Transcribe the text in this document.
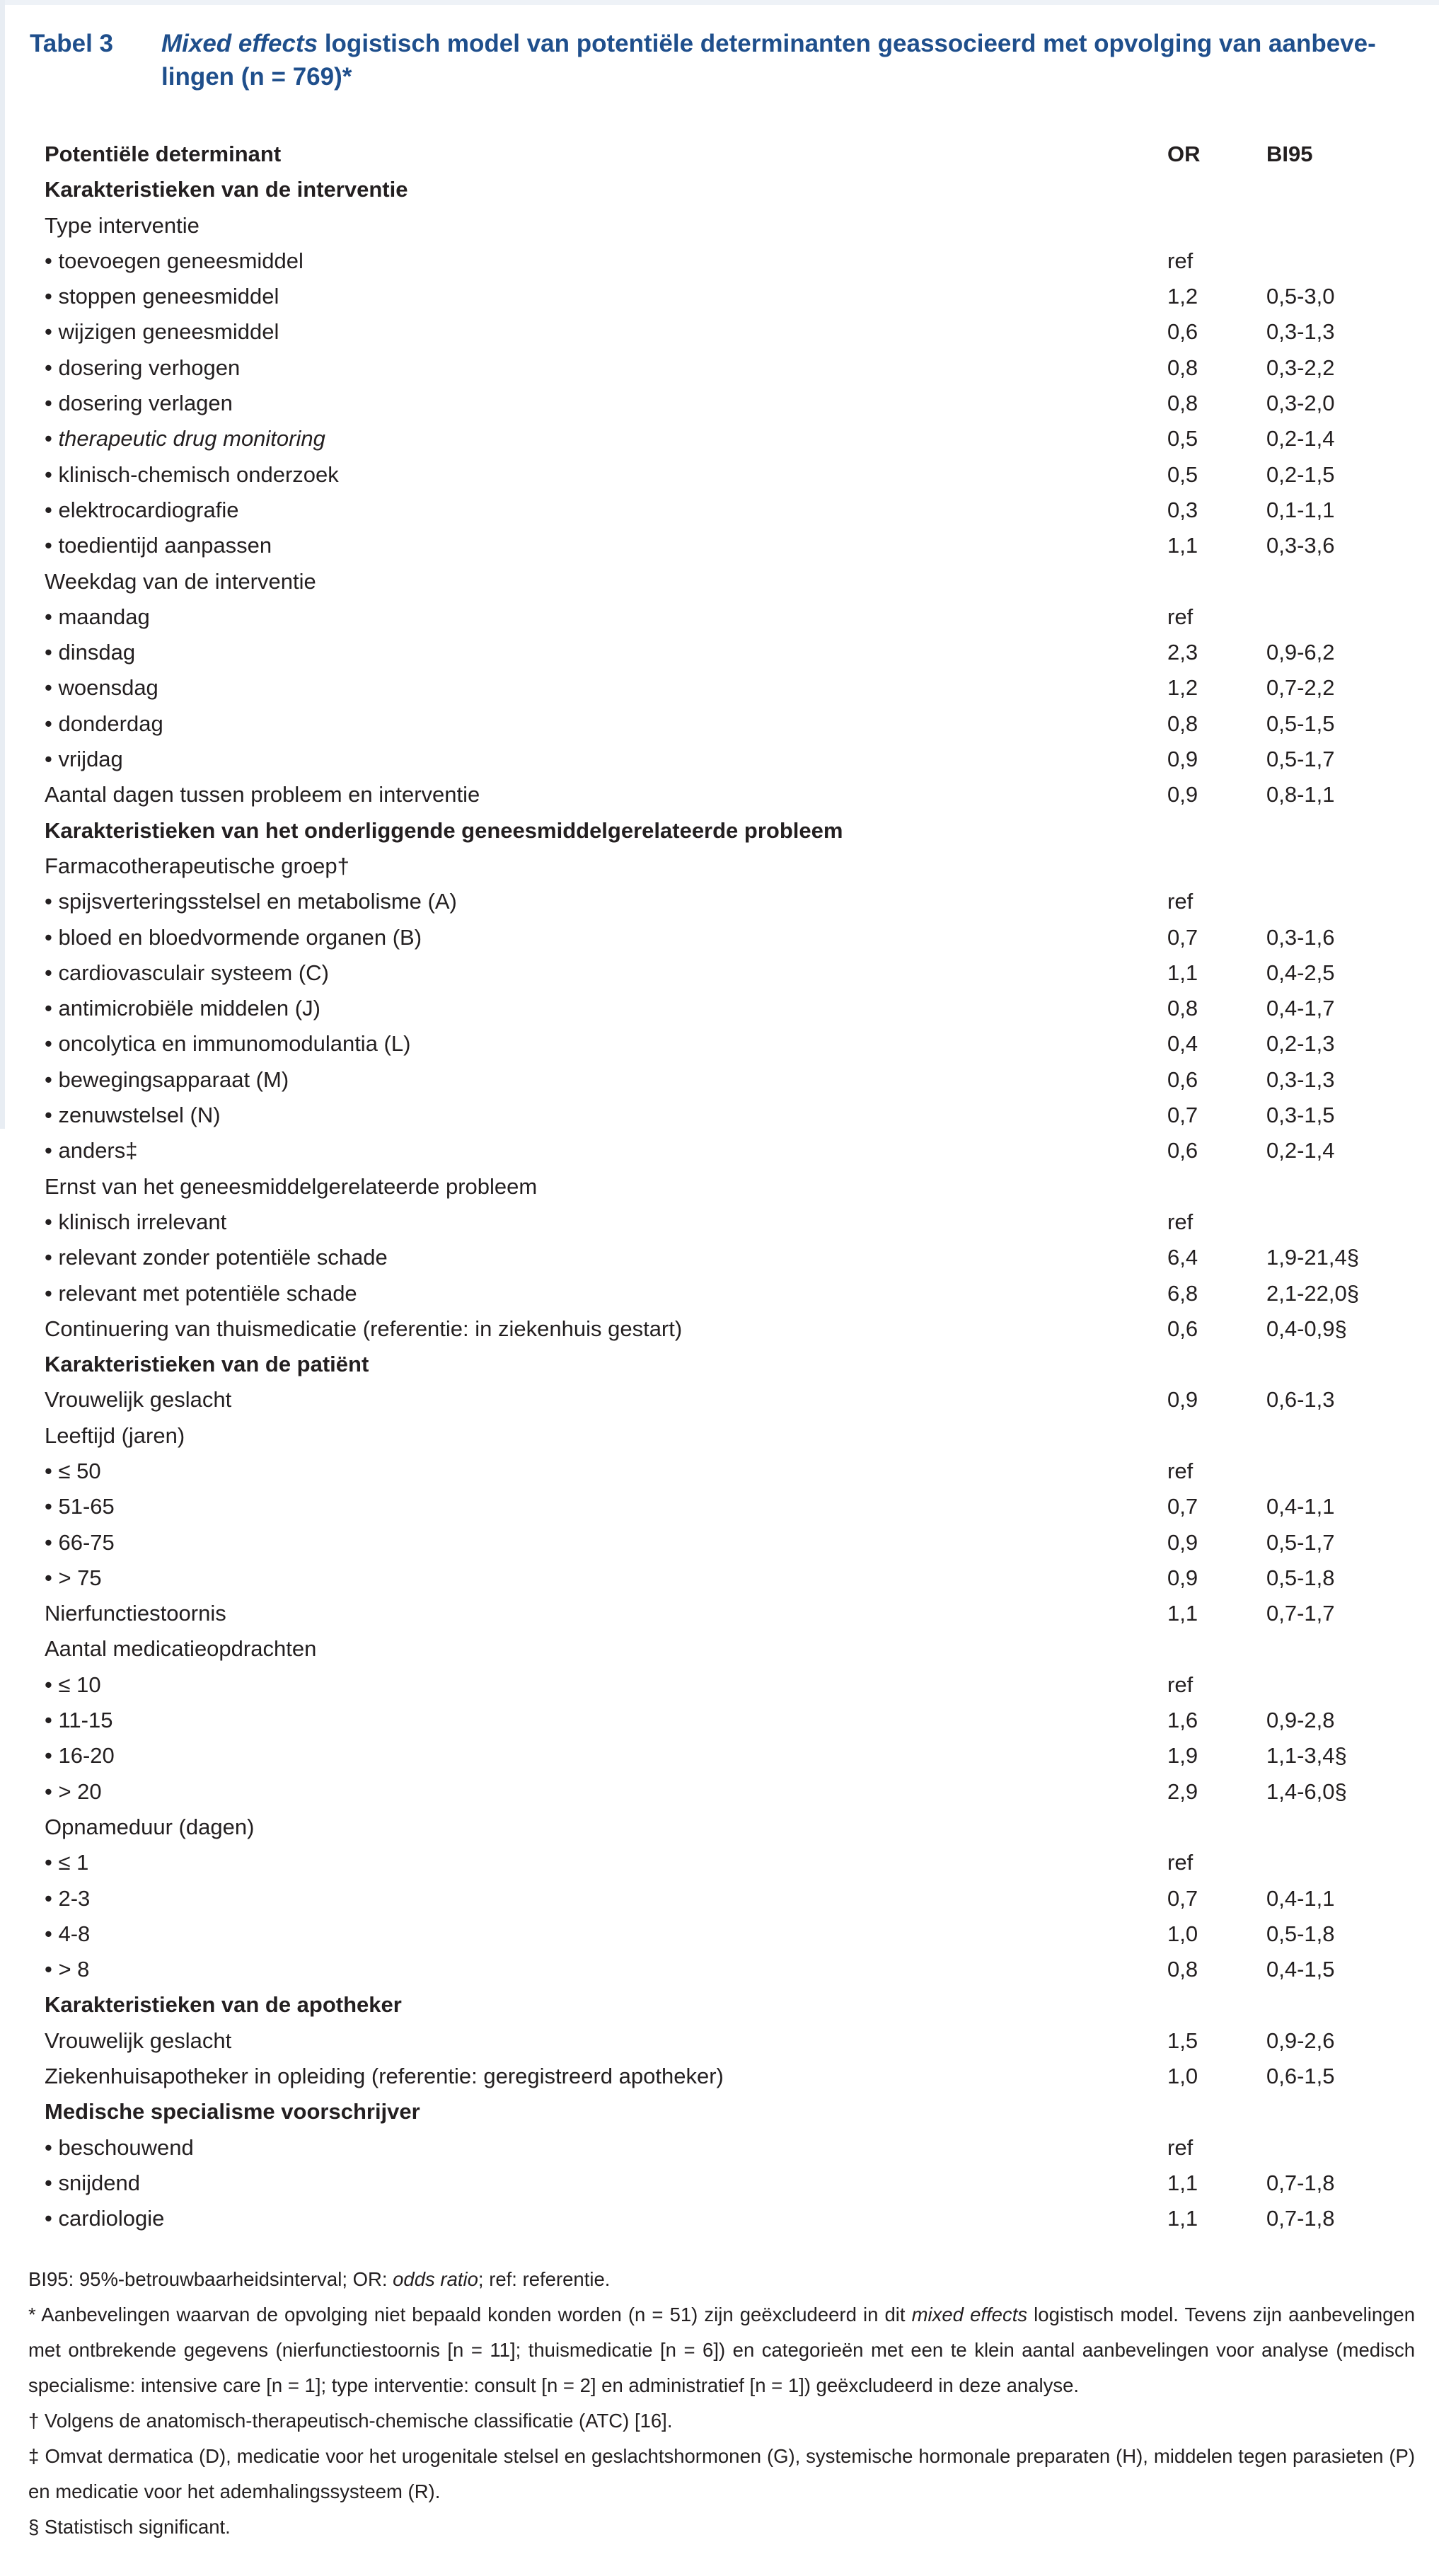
Tabel 3 Mixed effects logistisch model van potentiële determinanten geassocieerd met opvolging van aanbeve-lingen (n = 769)*
Potentiële determinant	OR	BI95
Karakteristieken van de interventie
Type interventie
• toevoegen geneesmiddel	ref
• stoppen geneesmiddel	1,2	0,5-3,0
• wijzigen geneesmiddel	0,6	0,3-1,3
• dosering verhogen	0,8	0,3-2,2
• dosering verlagen	0,8	0,3-2,0
• therapeutic drug monitoring	0,5	0,2-1,4
• klinisch-chemisch onderzoek	0,5	0,2-1,5
• elektrocardiografie	0,3	0,1-1,1
• toedientijd aanpassen	1,1	0,3-3,6
Weekdag van de interventie
• maandag	ref
• dinsdag	2,3	0,9-6,2
• woensdag	1,2	0,7-2,2
• donderdag	0,8	0,5-1,5
• vrijdag	0,9	0,5-1,7
Aantal dagen tussen probleem en interventie	0,9	0,8-1,1
Karakteristieken van het onderliggende geneesmiddelgerelateerde probleem
Farmacotherapeutische groep†
• spijsverteringsstelsel en metabolisme (A)	ref
• bloed en bloedvormende organen (B)	0,7	0,3-1,6
• cardiovasculair systeem (C)	1,1	0,4-2,5
• antimicrobiële middelen (J)	0,8	0,4-1,7
• oncolytica en immunomodulantia (L)	0,4	0,2-1,3
• bewegingsapparaat (M)	0,6	0,3-1,3
• zenuwstelsel (N)	0,7	0,3-1,5
• anders‡	0,6	0,2-1,4
Ernst van het geneesmiddelgerelateerde probleem
• klinisch irrelevant	ref
• relevant zonder potentiële schade	6,4	1,9-21,4§
• relevant met potentiële schade	6,8	2,1-22,0§
Continuering van thuismedicatie (referentie: in ziekenhuis gestart)	0,6	0,4-0,9§
Karakteristieken van de patiënt
Vrouwelijk geslacht	0,9	0,6-1,3
Leeftijd (jaren)
• ≤ 50	ref
• 51-65	0,7	0,4-1,1
• 66-75	0,9	0,5-1,7
• > 75	0,9	0,5-1,8
Nierfunctiestoornis	1,1	0,7-1,7
Aantal medicatieopdrachten
• ≤ 10	ref
• 11-15	1,6	0,9-2,8
• 16-20	1,9	1,1-3,4§
• > 20	2,9	1,4-6,0§
Opnameduur (dagen)
• ≤ 1	ref
• 2-3	0,7	0,4-1,1
• 4-8	1,0	0,5-1,8
• > 8	0,8	0,4-1,5
Karakteristieken van de apotheker
Vrouwelijk geslacht	1,5	0,9-2,6
Ziekenhuisapotheker in opleiding (referentie: geregistreerd apotheker)	1,0	0,6-1,5
Medische specialisme voorschrijver
• beschouwend	ref
• snijdend	1,1	0,7-1,8
• cardiologie	1,1	0,7-1,8

BI95: 95%-betrouwbaarheidsinterval; OR: odds ratio; ref: referentie.

* Aanbevelingen waarvan de opvolging niet bepaald konden worden (n = 51) zijn geëxcludeerd in dit mixed effects logistisch model. Tevens zijn aanbevelingen met ontbrekende gegevens (nierfunctiestoornis [n = 11]; thuismedicatie [n = 6]) en categorieën met een te klein aantal aanbevelingen voor analyse (medisch specialisme: intensive care [n = 1]; type interventie: consult [n = 2] en administratief [n = 1]) geëxcludeerd in deze analyse.

† Volgens de anatomisch-therapeutisch-chemische classificatie (ATC) [16].

‡ Omvat dermatica (D), medicatie voor het urogenitale stelsel en geslachtshormonen (G), systemische hormonale preparaten (H), middelen tegen parasieten (P) en medicatie voor het ademhalingssysteem (R).

§ Statistisch significant.
